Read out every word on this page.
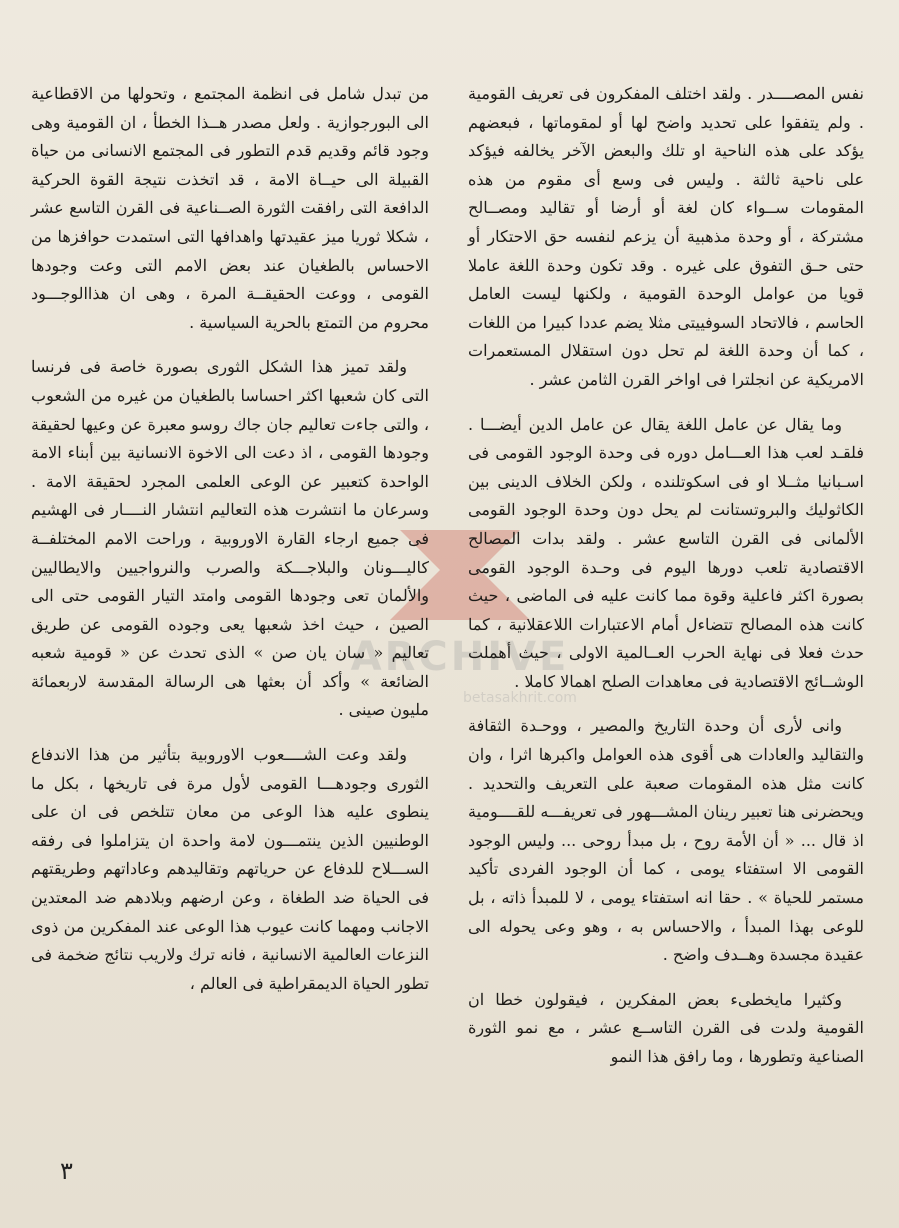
ARCHIVE
betasakhrit.com

نفس المصــــدر . ولقد اختلف المفكرون فى تعريف القومية . ولم يتفقوا على تحديد واضح لها أو لمقوماتها ، فبعضهم يؤكد على هذه الناحية او تلك والبعض الآخر يخالفه فيؤكد على ناحية ثالثة . وليس فى وسع أى مقوم من هذه المقومات ســواء كان لغة أو أرضا أو تقاليد ومصــالح مشتركة ، أو وحدة مذهبية أن يزعم لنفسه حق الاحتكار أو حتى حـق التفوق على غيره . وقد تكون وحدة اللغة عاملا قويا من عوامل الوحدة القومية ، ولكنها ليست العامل الحاسم ، فالاتحاد السوفييتى مثلا يضم عددا كبيرا من اللغات ، كما أن وحدة اللغة لم تحل دون استقلال المستعمرات الامريكية عن انجلترا فى اواخر القرن الثامن عشر .

وما يقال عن عامل اللغة يقال عن عامل الدين أيضـــا . فلقـد لعب هذا العـــامل دوره فى وحدة الوجود القومى فى اسـبانيا مثــلا او فى اسكوتلنده ، ولكن الخلاف الدينى بين الكاثوليك والبروتستانت لم يحل دون وحدة الوجود القومى الألمانى فى القرن التاسع عشر . ولقد بدات المصالح الاقتصادية تلعب دورها اليوم فى وحـدة الوجود القومى بصورة اكثر فاعلية وقوة مما كانت عليه فى الماضى ، حيث كانت هذه المصالح تتضاءل أمام الاعتبارات اللاعقلانية ، كما حدث فعلا فى نهاية الحرب العــالمية الاولى ، حيث أهملت الوشــائج الاقتصادية فى معاهدات الصلح اهمالا كاملا .

وانى لأرى أن وحدة التاريخ والمصير ، ووحـدة الثقافة والتقاليد والعادات هى أقوى هذه العوامل واكبرها اثرا ، وان كانت مثل هذه المقومات صعبة على التعريف والتحديد . ويحضرنى هنا تعبير رينان المشـــهور فى تعريفـــه للقــــومية اذ قال ... « أن الأمة روح ، بل مبدأ روحى ... وليس الوجود القومى الا استفتاء يومى ، كما أن الوجود الفردى تأكيد مستمر للحياة » . حقا انه استفتاء يومى ، لا للمبدأ ذاته ، بل للوعى بهذا المبدأ ، والاحساس به ، وهو وعى يحوله الى عقيدة مجسدة وهــدف واضح .

وكثيرا مايخطىء بعض المفكرين ، فيقولون خطا ان القومية ولدت فى القرن التاســع عشر ، مع نمو الثورة الصناعية وتطورها ، وما رافق هذا النمو

من تبدل شامل فى انظمة المجتمع ، وتحولها من الاقطاعية الى البورجوازية . ولعل مصدر هــذا الخطأ ، ان القومية وهى وجود قائم وقديم قدم التطور فى المجتمع الانسانى من حياة القبيلة الى حيــاة الامة ، قد اتخذت نتيجة القوة الحركية الدافعة التى رافقت الثورة الصــناعية فى القرن التاسع عشر ، شكلا ثوريا ميز عقيدتها واهدافها التى استمدت حوافزها من الاحساس بالطغيان عند بعض الامم التى وعت وجودها القومى ، ووعت الحقيقــة المرة ، وهى ان هذاالوجـــود محروم من التمتع بالحرية السياسية .

ولقد تميز هذا الشكل الثورى بصورة خاصة فى فرنسا التى كان شعبها اكثر احساسا بالطغيان من غيره من الشعوب ، والتى جاءت تعاليم جان جاك روسو معبرة عن وعيها لحقيقة وجودها القومى ، اذ دعت الى الاخوة الانسانية بين أبناء الامة الواحدة كتعبير عن الوعى العلمى المجرد لحقيقة الامة . وسرعان ما انتشرت هذه التعاليم انتشار النــــار فى الهشيم فى جميع ارجاء القارة الاوروبية ، وراحت الامم المختلفــة كاليـــونان والبلاجـــكة والصرب والنرواجيين والايطاليين والألمان تعى وجودها القومى وامتد التيار القومى حتى الى الصين ، حيث اخذ شعبها يعى وجوده القومى عن طريق تعاليم « سان يان صن » الذى تحدث عن « قومية شعبه الضائعة » وأكد أن بعثها هى الرسالة المقدسة لاربعمائة مليون صينى .

ولقد وعت الشــــعوب الاوروبية بتأثير من هذا الاندفاع الثورى وجودهـــا القومى لأول مرة فى تاريخها ، بكل ما ينطوى عليه هذا الوعى من معان تتلخص فى ان على الوطنيين الذين ينتمـــون لامة واحدة ان يتزاملوا فى رفقه الســـلاح للدفاع عن حرياتهم وتقاليدهم وعاداتهم وطريقتهم فى الحياة ضد الطغاة ، وعن ارضهم وبلادهم ضد المعتدين الاجانب ومهما كانت عيوب هذا الوعى عند المفكرين من ذوى النزعات العالمية الانسانية ، فانه ترك ولاريب نتائج ضخمة فى تطور الحياة الديمقراطية فى العالم ،

٣
